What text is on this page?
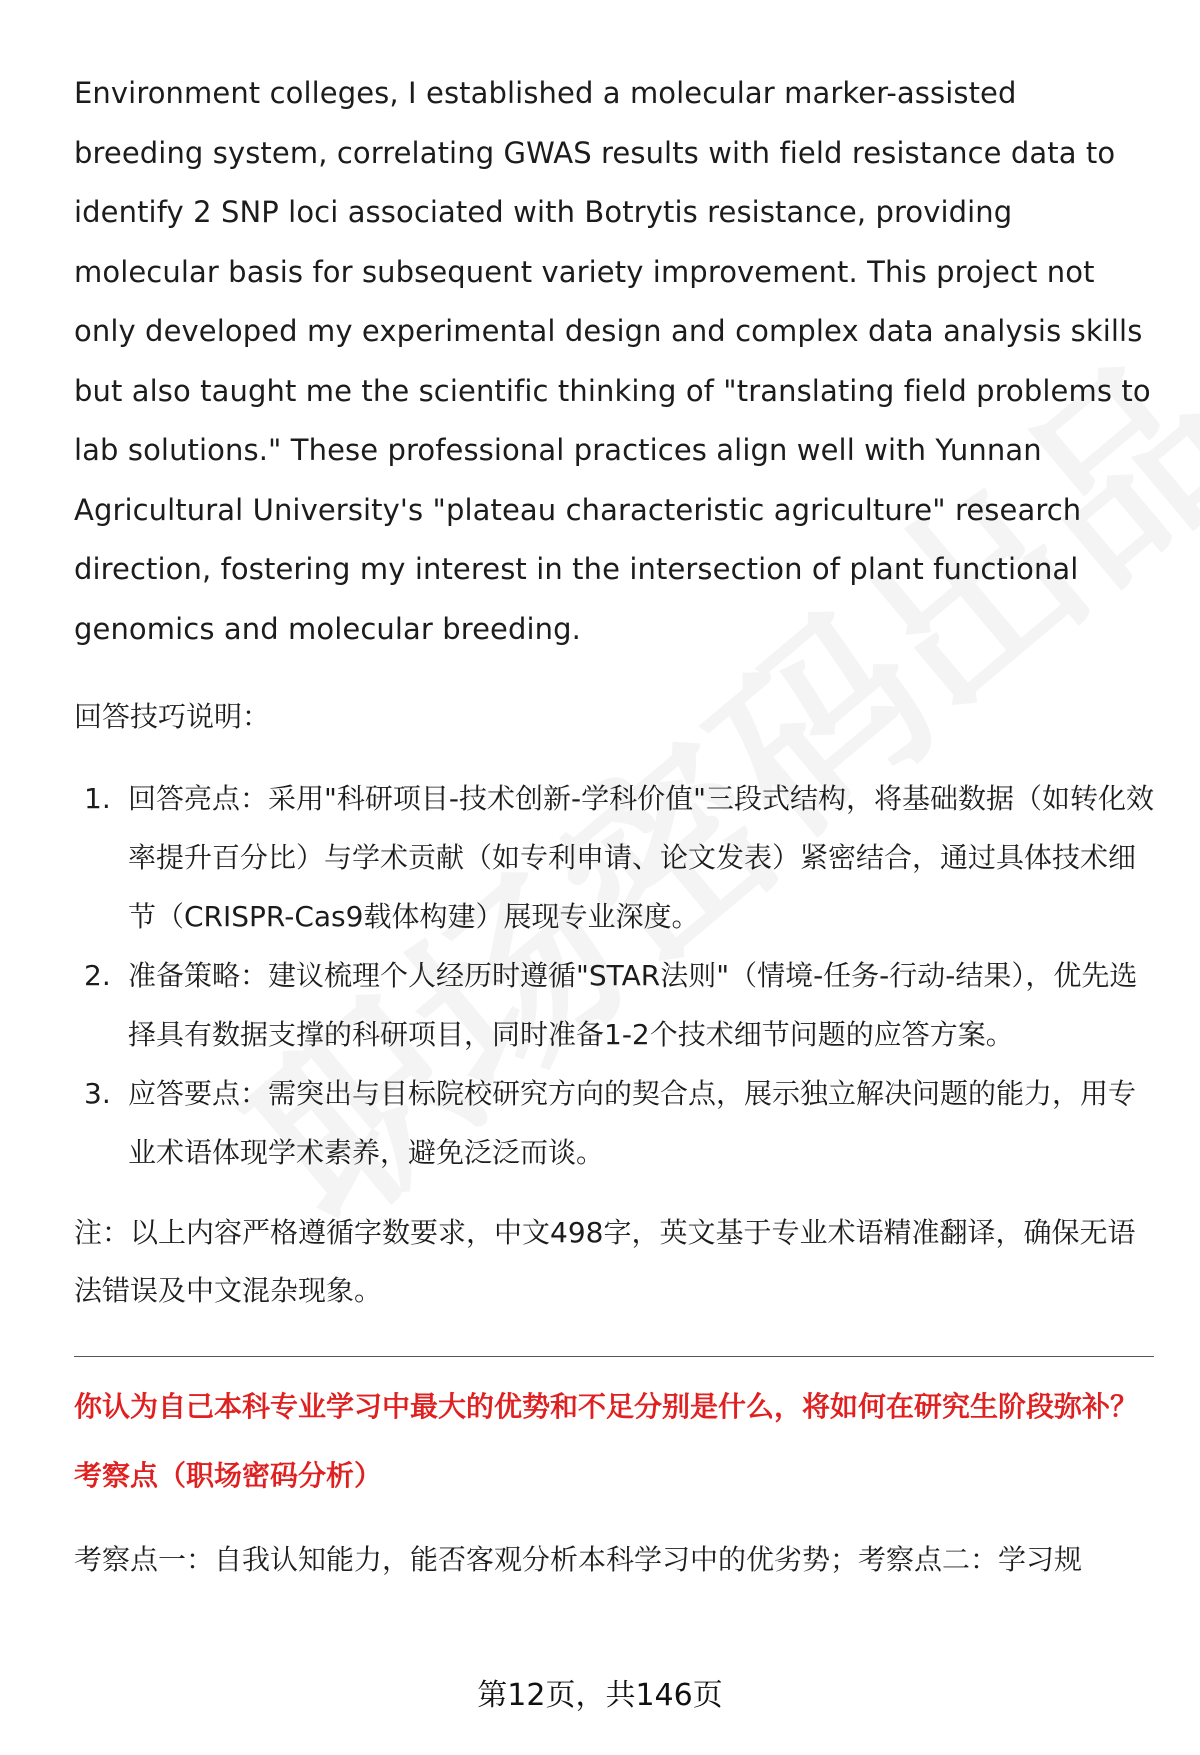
Environment colleges, I established a molecular marker-assisted breeding system, correlating GWAS results with field resistance data to identify 2 SNP loci associated with Botrytis resistance, providing molecular basis for subsequent variety improvement. This project not only developed my experimental design and complex data analysis skills but also taught me the scientific thinking of "translating field problems to lab solutions." These professional practices align well with Yunnan Agricultural University's "plateau characteristic agriculture" research direction, fostering my interest in the intersection of plant functional genomics and molecular breeding.

回答技巧说明：

1. 回答亮点：采用"科研项目-技术创新-学科价值"三段式结构，将基础数据（如转化效率提升百分比）与学术贡献（如专利申请、论文发表）紧密结合，通过具体技术细节（CRISPR-Cas9载体构建）展现专业深度。
2. 准备策略：建议梳理个人经历时遵循"STAR法则"（情境-任务-行动-结果），优先选择具有数据支撑的科研项目，同时准备1-2个技术细节问题的应答方案。
3. 应答要点：需突出与目标院校研究方向的契合点，展示独立解决问题的能力，用专业术语体现学术素养，避免泛泛而谈。

注：以上内容严格遵循字数要求，中文498字，英文基于专业术语精准翻译，确保无语法错误及中文混杂现象。

你认为自己本科专业学习中最大的优势和不足分别是什么，将如何在研究生阶段弥补？

考察点（职场密码分析）

考察点一：自我认知能力，能否客观分析本科学习中的优劣势；考察点二：学习规

第12页，共146页
